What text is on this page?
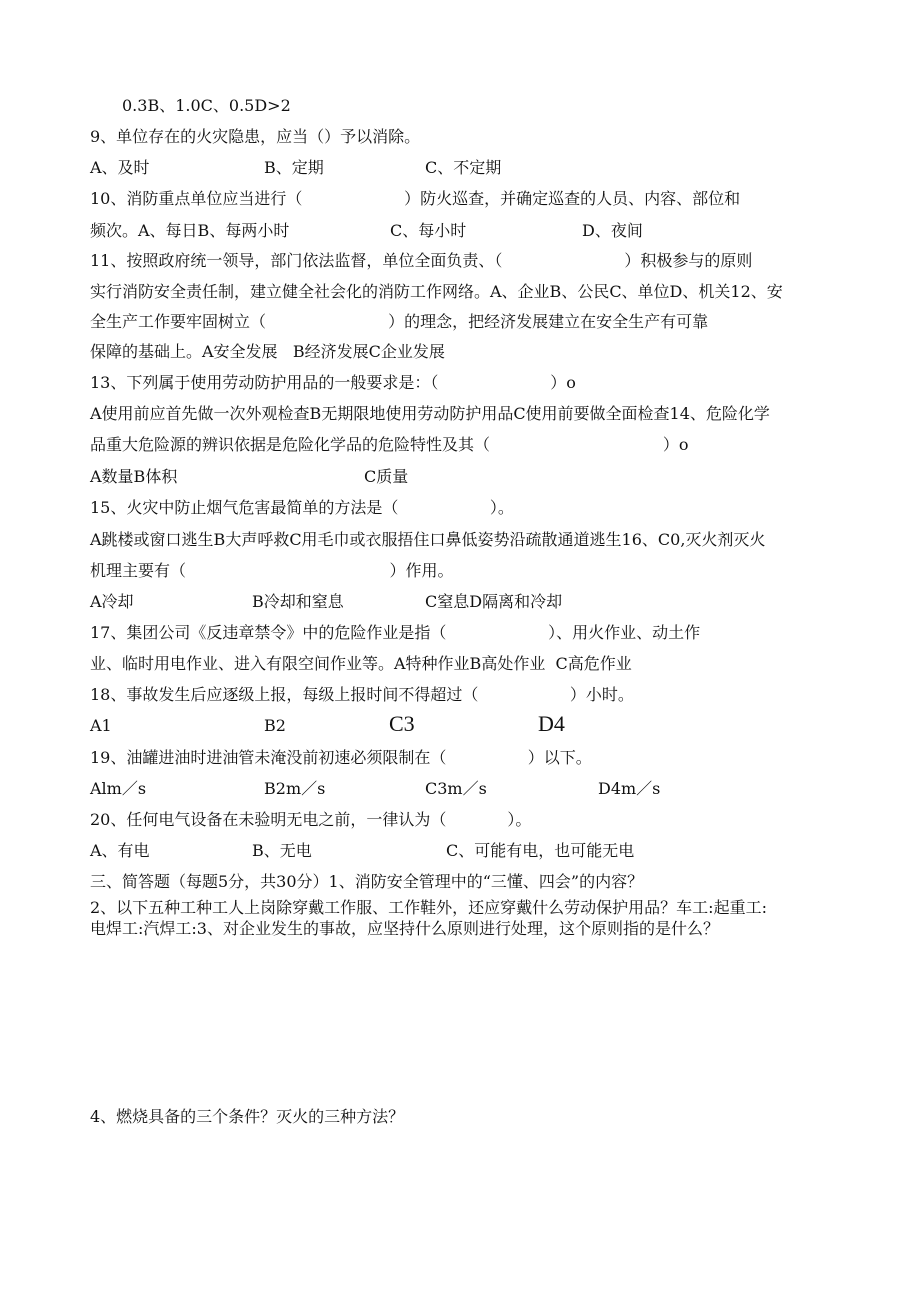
0.3B、1.0C、0.5D>2
9、单位存在的火灾隐患，应当（）予以消除。
A、及时	B、定期	C、不定期
10、消防重点单位应当进行（                    ）防火巡查，并确定巡查的人员、内容、部位和
频次。A、每日B、每两小时	C、每小时	D、夜间
11、按照政府统一领导，部门依法监督，单位全面负责、（                        ）积极参与的原则
实行消防安全责任制，建立健全社会化的消防工作网络。A、企业B、公民C、单位D、机关12、安
全生产工作要牢固树立（                        ）的理念，把经济发展建立在安全生产有可靠
保障的基础上。A安全发展   B经济发展C企业发展
13、下列属于使用劳动防护用品的一般要求是：（                      ）o
A使用前应首先做一次外观检查B无期限地使用劳动防护用品C使用前要做全面检查14、危险化学
品重大危险源的辨识依据是危险化学品的危险特性及其（                                  ）o
A数量B体积	C质量
15、火灾中防止烟气危害最简单的方法是（                  ）。
A跳楼或窗口逃生B大声呼救C用毛巾或衣服捂住口鼻低姿势沿疏散通道逃生16、C0,灭火剂灭火
机理主要有（                                        ）作用。
A冷却	B冷却和窒息	C窒息D隔离和冷却
17、集团公司《反违章禁令》中的危险作业是指（                    ）、用火作业、动土作
业、临时用电作业、进入有限空间作业等。A特种作业B高处作业  C高危作业
18、事故发生后应逐级上报，每级上报时间不得超过（                  ）小时。
A1	B2	C3	D4
19、油罐进油时进油管未淹没前初速必须限制在（                ）以下。
Alm／s	B2m／s	C3m／s	D4m／s
20、任何电气设备在未验明无电之前，一律认为（            ）。
A、有电	B、无电	C、可能有电，也可能无电
三、简答题（每题5分，共30分）1、消防安全管理中的“三懂、四会”的内容？
2、以下五种工种工人上岗除穿戴工作服、工作鞋外，还应穿戴什么劳动保护用品？车工:起重工:
电焊工:汽焊工:3、对企业发生的事故，应坚持什么原则进行处理，这个原则指的是什么？
4、燃烧具备的三个条件？灭火的三种方法？
